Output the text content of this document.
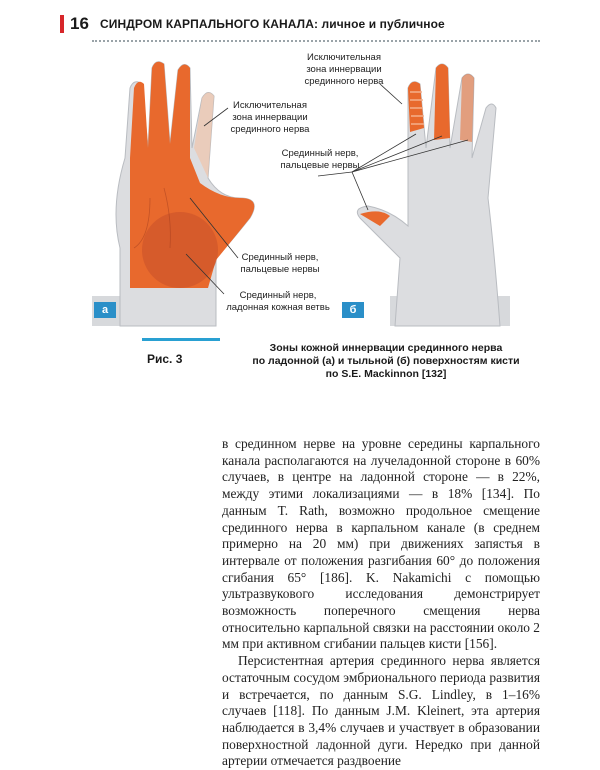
16 СИНДРОМ КАРПАЛЬНОГО КАНАЛА: личное и публичное
Исключительная
зона иннервации
срединного нерва
Срединный нерв,
пальцевые нервы
Срединный нерв,
ладонная кожная ветвь
Исключительная
зона иннервации
срединного нерва
Срединный нерв,
пальцевые нервы
а	б
Рис. 3
Зоны кожной иннервации срединного нерва
по ладонной (а) и тыльной (б) поверхностям кисти
по S.E. Mackinnon [132]

в срединном нерве на уровне середины карпального канала располагаются на лучеладонной стороне в 60% случаев, в центре на ладонной стороне — в 22%, между этими локализациями — в 18% [134]. По данным T. Rath, возможно продольное смещение срединного нерва в карпальном канале (в среднем примерно на 20 мм) при движениях запястья в интервале от положения разгибания 60° до положения сгибания 65° [186]. K. Nakamichi с помощью ультразвукового исследования демонстрирует возможность поперечного смещения нерва относительно карпальной связки на расстоянии около 2 мм при активном сгибании пальцев кисти [156].

Персистентная артерия срединного нерва является остаточным сосудом эмбрионального периода развития и встречается, по данным S.G. Lindley, в 1–16% случаев [118]. По данным J.M. Kleinert, эта артерия наблюдается в 3,4% случаев и участвует в образовании поверхностной ладонной дуги. Нередко при данной артерии отмечается раздвоение
